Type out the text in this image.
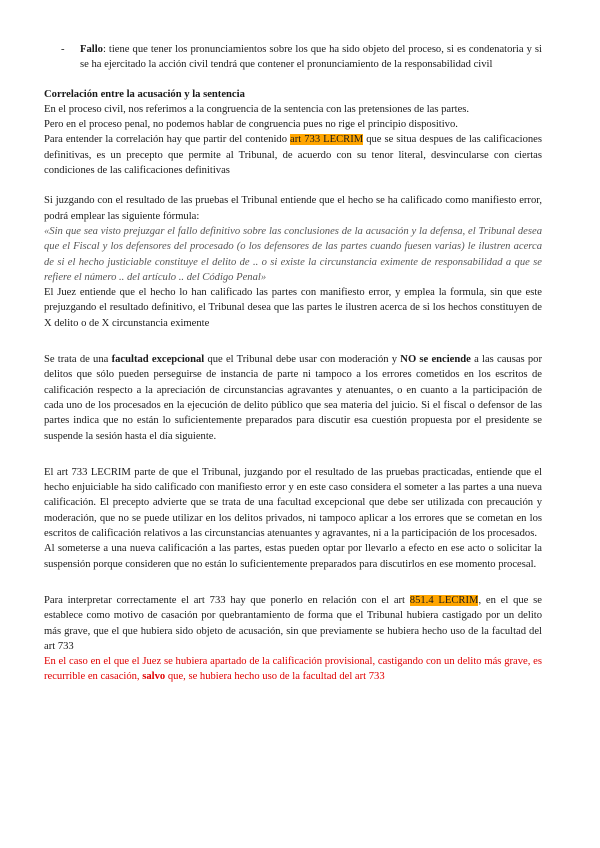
-	Fallo: tiene que tener los pronunciamientos sobre los que ha sido objeto del proceso, si es condenatoria y si se ha ejercitado la acción civil tendrá que contener el pronunciamiento de la responsabilidad civil

Correlación entre la acusación y la sentencia

En el proceso civil, nos referimos a la congruencia de la sentencia con las pretensiones de las partes.

Pero en el proceso penal, no podemos hablar de congruencia pues no rige el principio dispositivo.

Para entender la correlación hay que partir del contenido art 733 LECRIM que se situa despues de las calificaciones definitivas, es un precepto que permite al Tribunal, de acuerdo con su tenor literal, desvincularse con ciertas condiciones de las calificaciones definitivas

Si juzgando con el resultado de las pruebas el Tribunal entiende que el hecho se ha calificado como manifiesto error, podrá emplear las siguiente fórmula:

«Sin que sea visto prejuzgar el fallo definitivo sobre las conclusiones de la acusación y la defensa, el Tribunal desea que el Fiscal y los defensores del procesado (o los defensores de las partes cuando fuesen varias) le ilustren acerca de si el hecho justiciable constituye el delito de .. o si existe la circunstancia eximente de responsabilidad a que se refiere el número .. del artículo .. del Código Penal»

El Juez entiende que el hecho lo han calificado las partes con manifiesto error, y emplea la formula, sin que este prejuzgando el resultado definitivo, el Tribunal desea que las partes le ilustren acerca de si los hechos constituyen de X delito o de X circunstancia eximente

Se trata de una facultad excepcional que el Tribunal debe usar con moderación y NO se enciende a las causas por delitos que sólo pueden perseguirse de instancia de parte ni tampoco a los errores cometidos en los escritos de calificación respecto a la apreciación de circunstancias agravantes y atenuantes, o en cuanto a la participación de cada uno de los procesados en la ejecución de delito público que sea materia del juicio. Si el fiscal o defensor de las partes indica que no están lo suficientemente preparados para discutir esa cuestión propuesta por el presidente se suspende la sesión hasta el día siguiente.

El art 733 LECRIM parte de que el Tribunal, juzgando por el resultado de las pruebas practicadas, entiende que el hecho enjuiciable ha sido calificado con manifiesto error y en este caso considera el someter a las partes a una nueva calificación. El precepto advierte que se trata de una facultad excepcional que debe ser utilizada con precaución y moderación, que no se puede utilizar en los delitos privados, ni tampoco aplicar a los errores que se cometan en los escritos de calificación relativos a las circunstancias atenuantes y agravantes, ni a la participación de los procesados.

Al someterse a una nueva calificación a las partes, estas pueden optar por llevarlo a efecto en ese acto o solicitar la suspensión porque consideren que no están lo suficientemente preparados para discutirlos en ese momento procesal.

Para interpretar correctamente el art 733 hay que ponerlo en relación con el art 851.4 LECRIM, en el que se establece como motivo de casación por quebrantamiento de forma que el Tribunal hubiera castigado por un delito más grave, que el que hubiera sido objeto de acusación, sin que previamente se hubiera hecho uso de la facultad del art 733

En el caso en el que el Juez se hubiera apartado de la calificación provisional, castigando con un delito más grave, es recurrible en casación, salvo que, se hubiera hecho uso de la facultad del art 733
